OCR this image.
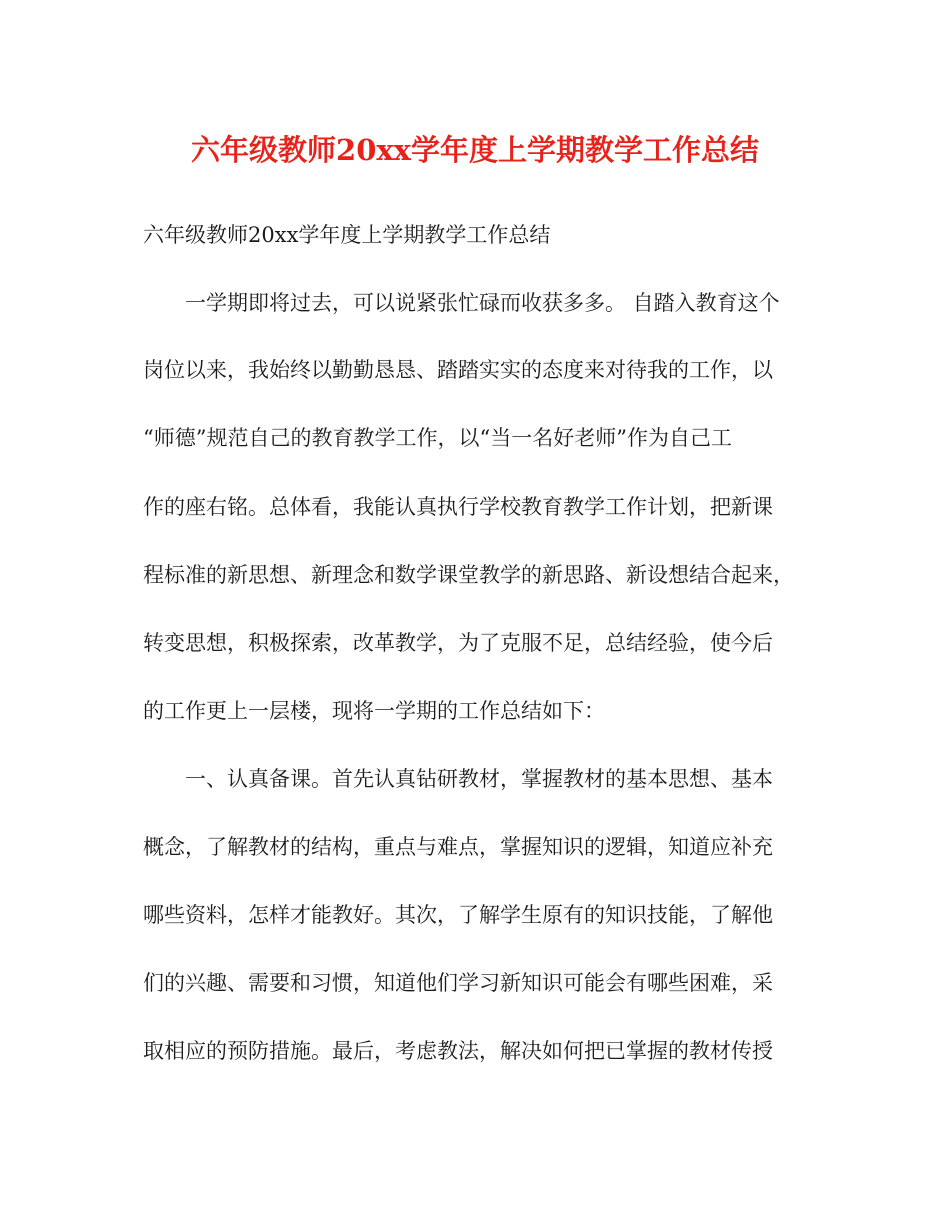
六年级教师20xx学年度上学期教学工作总结
六年级教师20xx学年度上学期教学工作总结
一学期即将过去，可以说紧张忙碌而收获多多。 自踏入教育这个
岗位以来，我始终以勤勤恳恳、踏踏实实的态度来对待我的工作，以
“师德”规范自己的教育教学工作，以“当一名好老师”作为自己工
作的座右铭。总体看，我能认真执行学校教育教学工作计划，把新课
程标准的新思想、新理念和数学课堂教学的新思路、新设想结合起来，
转变思想，积极探索，改革教学，为了克服不足，总结经验，使今后
的工作更上一层楼，现将一学期的工作总结如下：
一、认真备课。首先认真钻研教材，掌握教材的基本思想、基本
概念，了解教材的结构，重点与难点，掌握知识的逻辑，知道应补充
哪些资料，怎样才能教好。其次，了解学生原有的知识技能，了解他
们的兴趣、需要和习惯，知道他们学习新知识可能会有哪些困难，采
取相应的预防措施。最后，考虑教法，解决如何把已掌握的教材传授
